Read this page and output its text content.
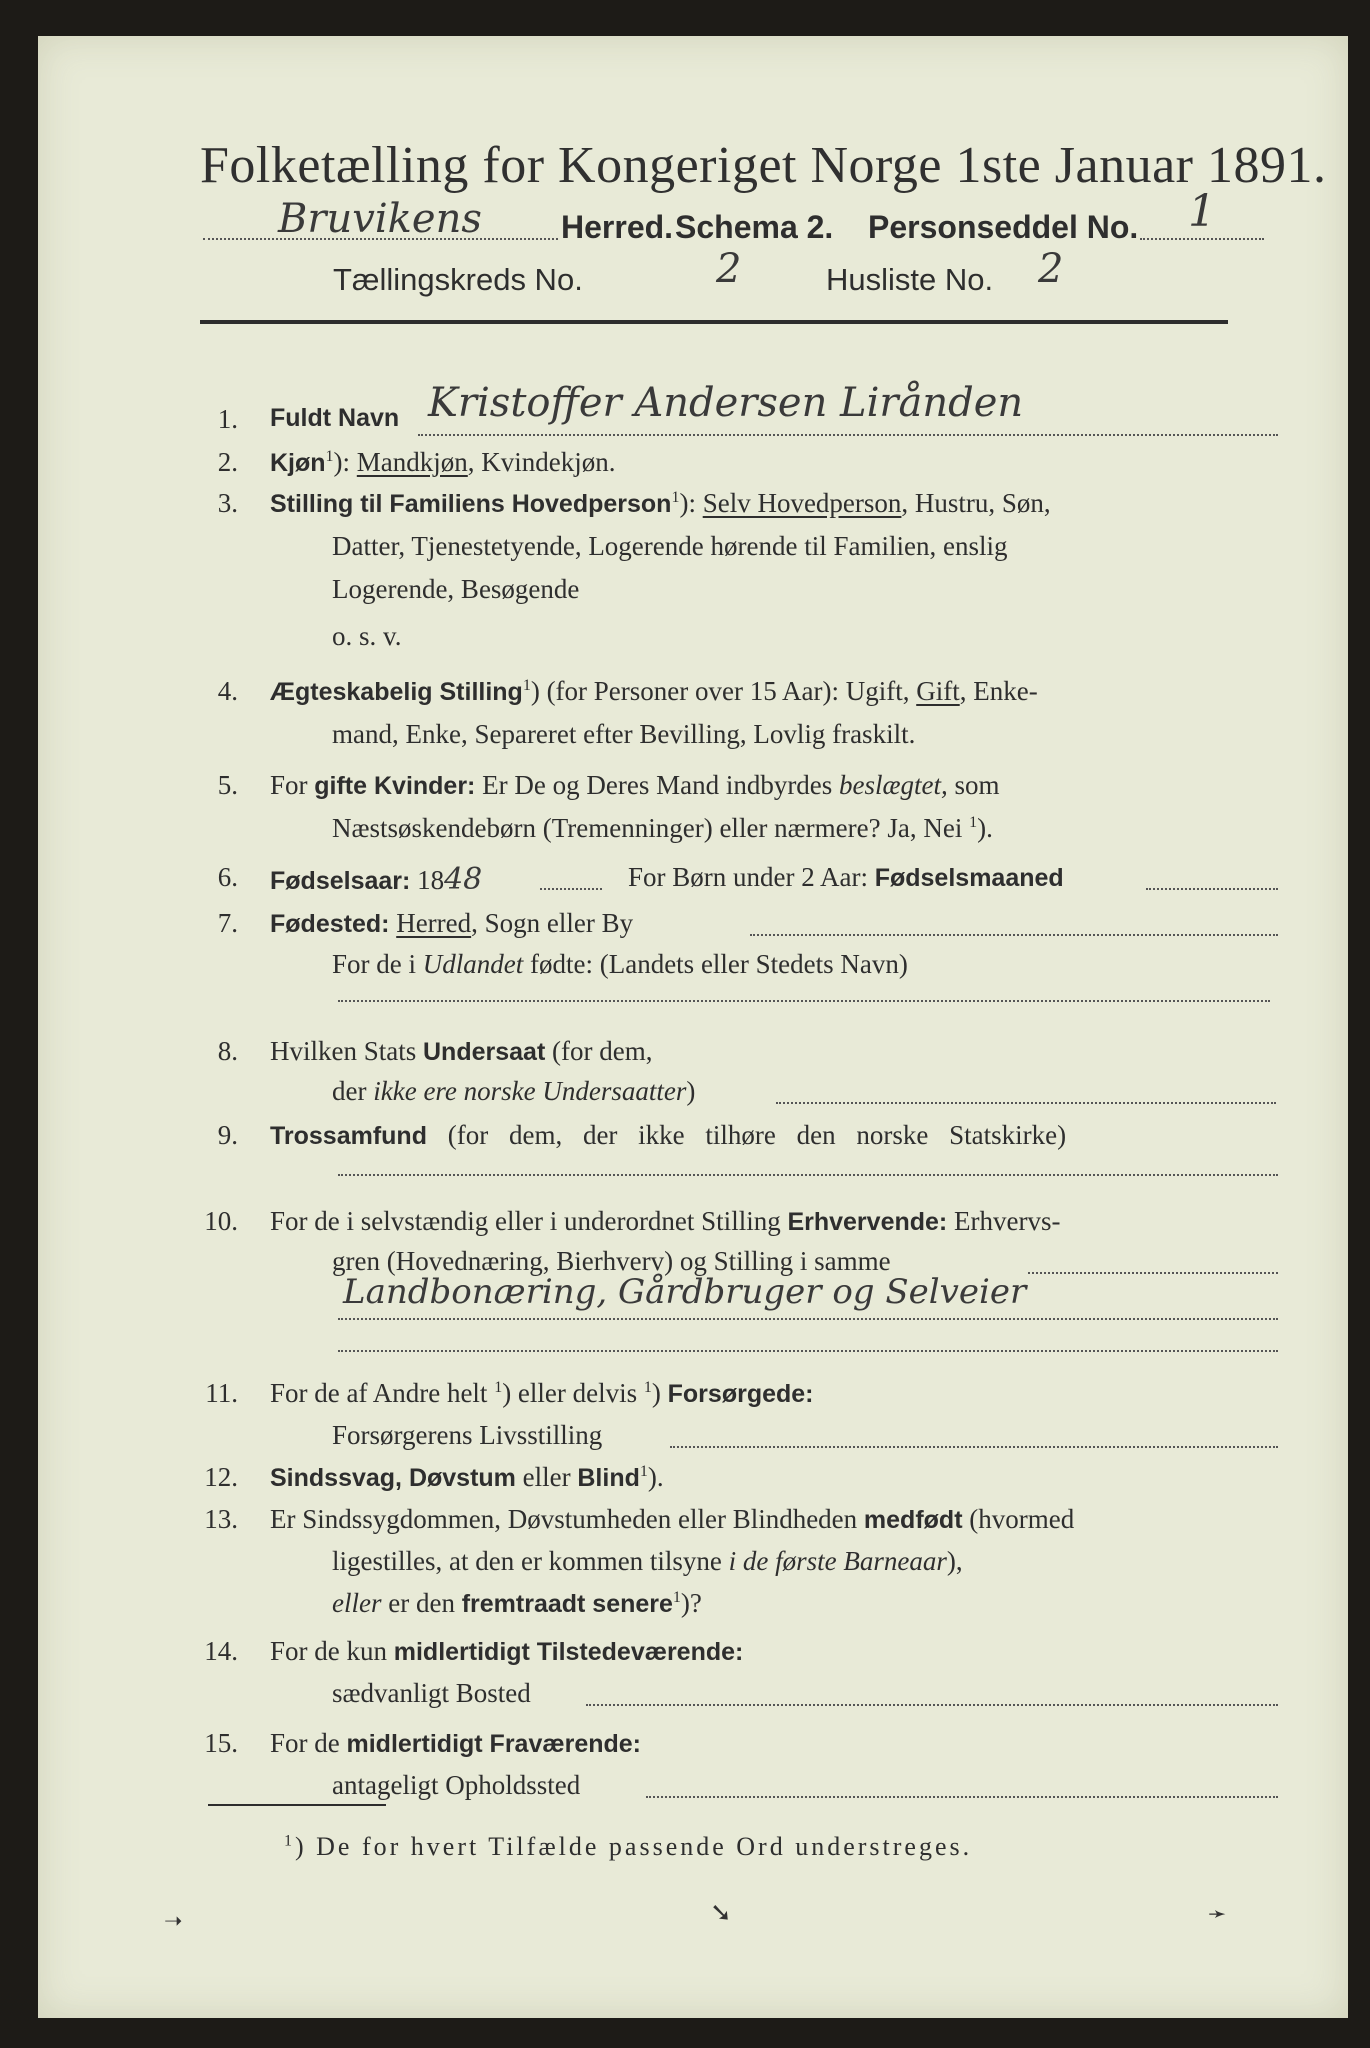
Folketælling for Kongeriget Norge 1ste Januar 1891.
Bruvikens Herred. Schema 2. Personseddel No. 1
Tællingskreds No.	2	Husliste No. 2
1. Fuldt Navn Kristoffer Andersen Lirånden
2. Kjøn$^1$): Mandkjøn, Kvindekjøn.
3. Stilling til Familiens Hovedperson$^1$): Selv Hovedperson, Hustru, Søn,
Datter, Tjenestetyende, Logerende hørende til Familien, enslig
Logerende, Besøgende
o. s. v.
4. Ægteskabelig Stilling$^1$) (for Personer over 15 Aar): Ugift, Gift, Enke-
mand, Enke, Separeret efter Bevilling, Lovlig fraskilt.
5. For gifte Kvinder: Er De og Deres Mand indbyrdes beslægtet, som
Næstsøskendebørn (Tremenninger) eller nærmere? Ja, Nei $^1$).
6. Fødselsaar: 1848	For Børn under 2 Aar: Fødselsmaaned
7. Fødested: Herred, Sogn eller By
For de i Udlandet fødte: (Landets eller Stedets Navn)
8. Hvilken Stats Undersaat (for dem,
der ikke ere norske Undersaatter)
9. Trossamfund (for dem, der ikke tilhøre den norske Statskirke)
10. For de i selvstændig eller i underordnet Stilling Erhvervende: Erhvervs-
gren (Hovednæring, Bierhverv) og Stilling i samme
Landbonæring, Gårdbruger og Selveier
11. For de af Andre helt $^1$) eller delvis $^1$) Forsørgede:
Forsørgerens Livsstilling
12. Sindssvag, Døvstum eller Blind$^1$).
13. Er Sindssygdommen, Døvstumheden eller Blindheden medfødt (hvormed
ligestilles, at den er kommen tilsyne i de første Barneaar),
eller er den fremtraadt senere$^1$)?
14. For de kun midlertidigt Tilstedeværende:
sædvanligt Bosted
15. For de midlertidigt Fraværende:
antageligt Opholdssted
$^1$) De for hvert Tilfælde passende Ord understreges.
➝	➘	➛
